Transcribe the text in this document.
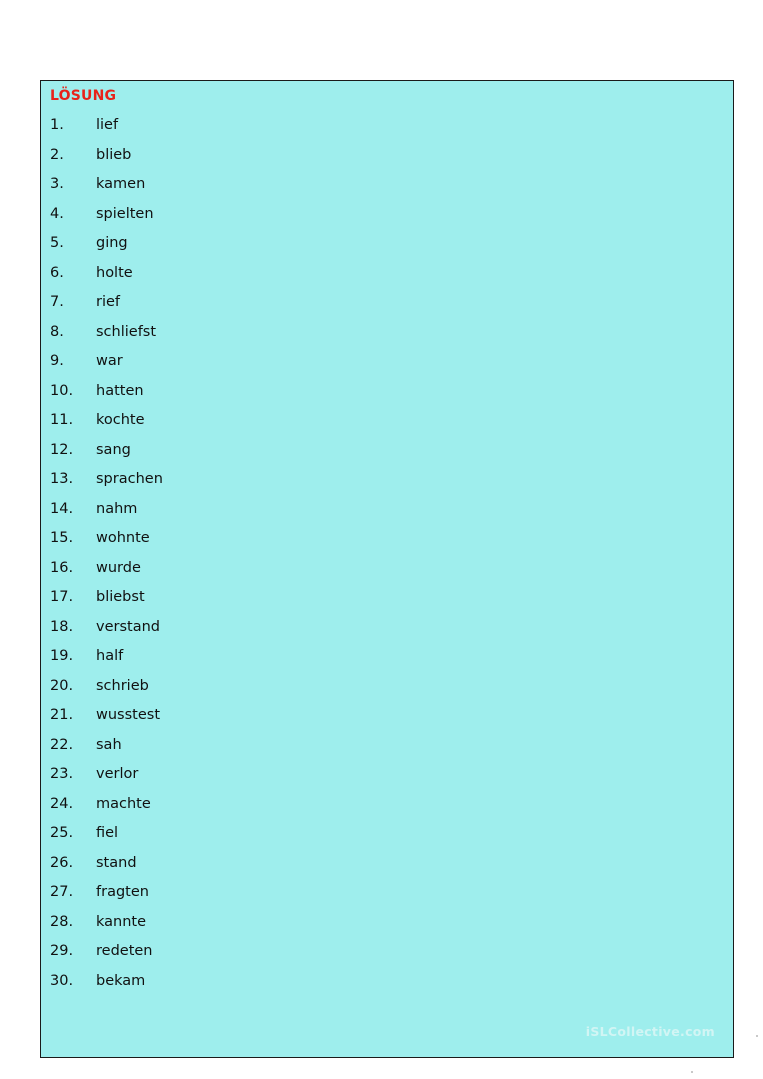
LÖSUNG
1. lief
2. blieb
3. kamen
4. spielten
5. ging
6. holte
7. rief
8. schliefst
9. war
10. hatten
11. kochte
12. sang
13. sprachen
14. nahm
15. wohnte
16. wurde
17. bliebst
18. verstand
19. half
20. schrieb
21. wusstest
22. sah
23. verlor
24. machte
25. fiel
26. stand
27. fragten
28. kannte
29. redeten
30. bekam
iSLCollective.com
